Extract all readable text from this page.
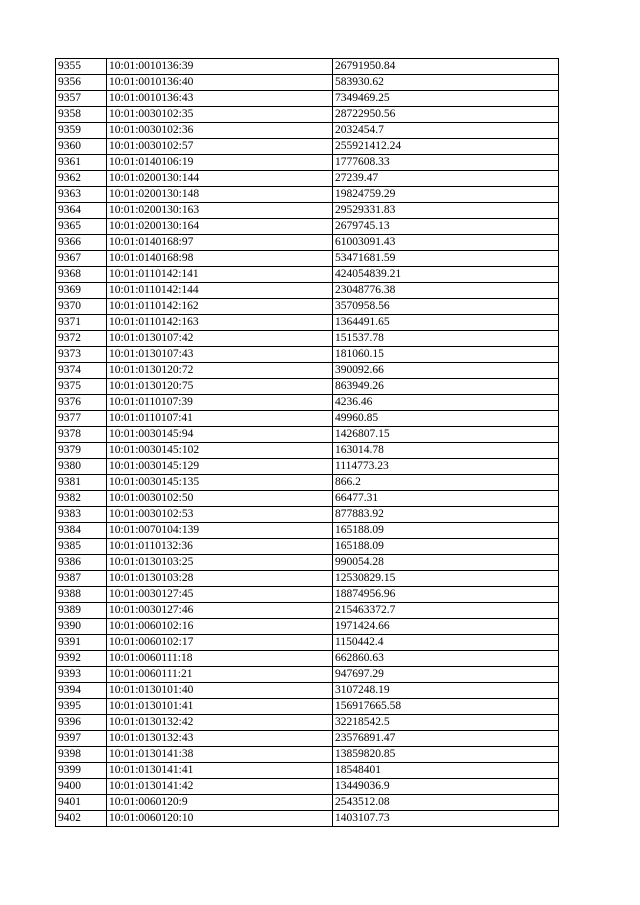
9355	10:01:0010136:39	26791950.84
9356	10:01:0010136:40	583930.62
9357	10:01:0010136:43	7349469.25
9358	10:01:0030102:35	28722950.56
9359	10:01:0030102:36	2032454.7
9360	10:01:0030102:57	255921412.24
9361	10:01:0140106:19	1777608.33
9362	10:01:0200130:144	27239.47
9363	10:01:0200130:148	19824759.29
9364	10:01:0200130:163	29529331.83
9365	10:01:0200130:164	2679745.13
9366	10:01:0140168:97	61003091.43
9367	10:01:0140168:98	53471681.59
9368	10:01:0110142:141	424054839.21
9369	10:01:0110142:144	23048776.38
9370	10:01:0110142:162	3570958.56
9371	10:01:0110142:163	1364491.65
9372	10:01:0130107:42	151537.78
9373	10:01:0130107:43	181060.15
9374	10:01:0130120:72	390092.66
9375	10:01:0130120:75	863949.26
9376	10:01:0110107:39	4236.46
9377	10:01:0110107:41	49960.85
9378	10:01:0030145:94	1426807.15
9379	10:01:0030145:102	163014.78
9380	10:01:0030145:129	1114773.23
9381	10:01:0030145:135	866.2
9382	10:01:0030102:50	66477.31
9383	10:01:0030102:53	877883.92
9384	10:01:0070104:139	165188.09
9385	10:01:0110132:36	165188.09
9386	10:01:0130103:25	990054.28
9387	10:01:0130103:28	12530829.15
9388	10:01:0030127:45	18874956.96
9389	10:01:0030127:46	215463372.7
9390	10:01:0060102:16	1971424.66
9391	10:01:0060102:17	1150442.4
9392	10:01:0060111:18	662860.63
9393	10:01:0060111:21	947697.29
9394	10:01:0130101:40	3107248.19
9395	10:01:0130101:41	156917665.58
9396	10:01:0130132:42	32218542.5
9397	10:01:0130132:43	23576891.47
9398	10:01:0130141:38	13859820.85
9399	10:01:0130141:41	18548401
9400	10:01:0130141:42	13449036.9
9401	10:01:0060120:9	2543512.08
9402	10:01:0060120:10	1403107.73
